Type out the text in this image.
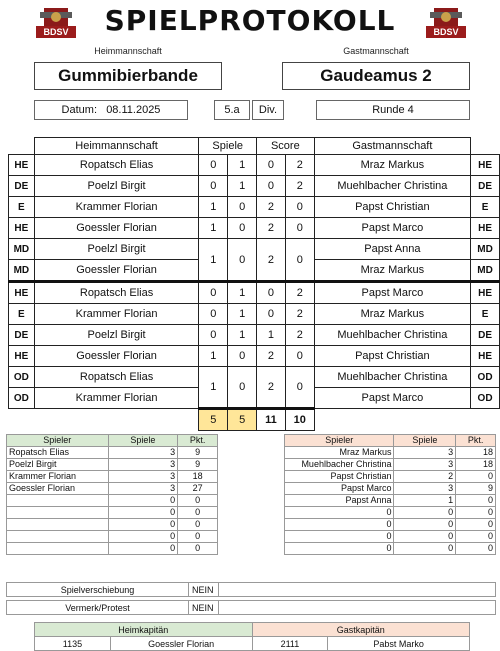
BDSV	BDSV
SPIELPROTOKOLL
Heimmannschaft
Gummibierbande
Gastmannschaft
Gaudeamus 2
Datum: 08.11.2025	5.a	Div.	Runde 4
	Heimmannschaft	Spiele		Score		Gastmannschaft	
HE	Ropatsch Elias	0	1	0	2	Mraz Markus	HE
DE	Poelzl Birgit	0	1	0	2	Muehlbacher Christina	DE
E	Krammer Florian	1	0	2	0	Papst Christian	E
HE	Goessler Florian	1	0	2	0	Papst Marco	HE
MD	Poelzl Birgit	1	0	2	0	Papst Anna	MD
MD	Goessler Florian					Mraz Markus	MD
HE	Ropatsch Elias	0	1	0	2	Papst Marco	HE
E	Krammer Florian	0	1	0	2	Mraz Markus	E
DE	Poelzl Birgit	0	1	1	2	Muehlbacher Christina	DE
HE	Goessler Florian	1	0	2	0	Papst Christian	HE
OD	Ropatsch Elias	1	0	2	0	Muehlbacher Christina	OD
OD	Krammer Florian					Papst Marco	OD
		5	5	11	10		
Spieler	Spiele	Pkt.
Ropatsch Elias	3	9
Poelzl Birgit	3	9
Krammer Florian	3	18
Goessler Florian	3	27
	0	0
	0	0
	0	0
	0	0
	0	0
Spieler	Spiele	Pkt.
Mraz Markus	3	18
Muehlbacher Christina	3	18
Papst Christian	2	0
Papst Marco	3	9
Papst Anna	1	0
0	0	0
0	0	0
0	0	0
0	0	0
Spielverschiebung	NEIN	
Vermerk/Protest	NEIN	
Heimkapitän		Gastkapitän	
1135	Goessler Florian	2111	Pabst Marko
